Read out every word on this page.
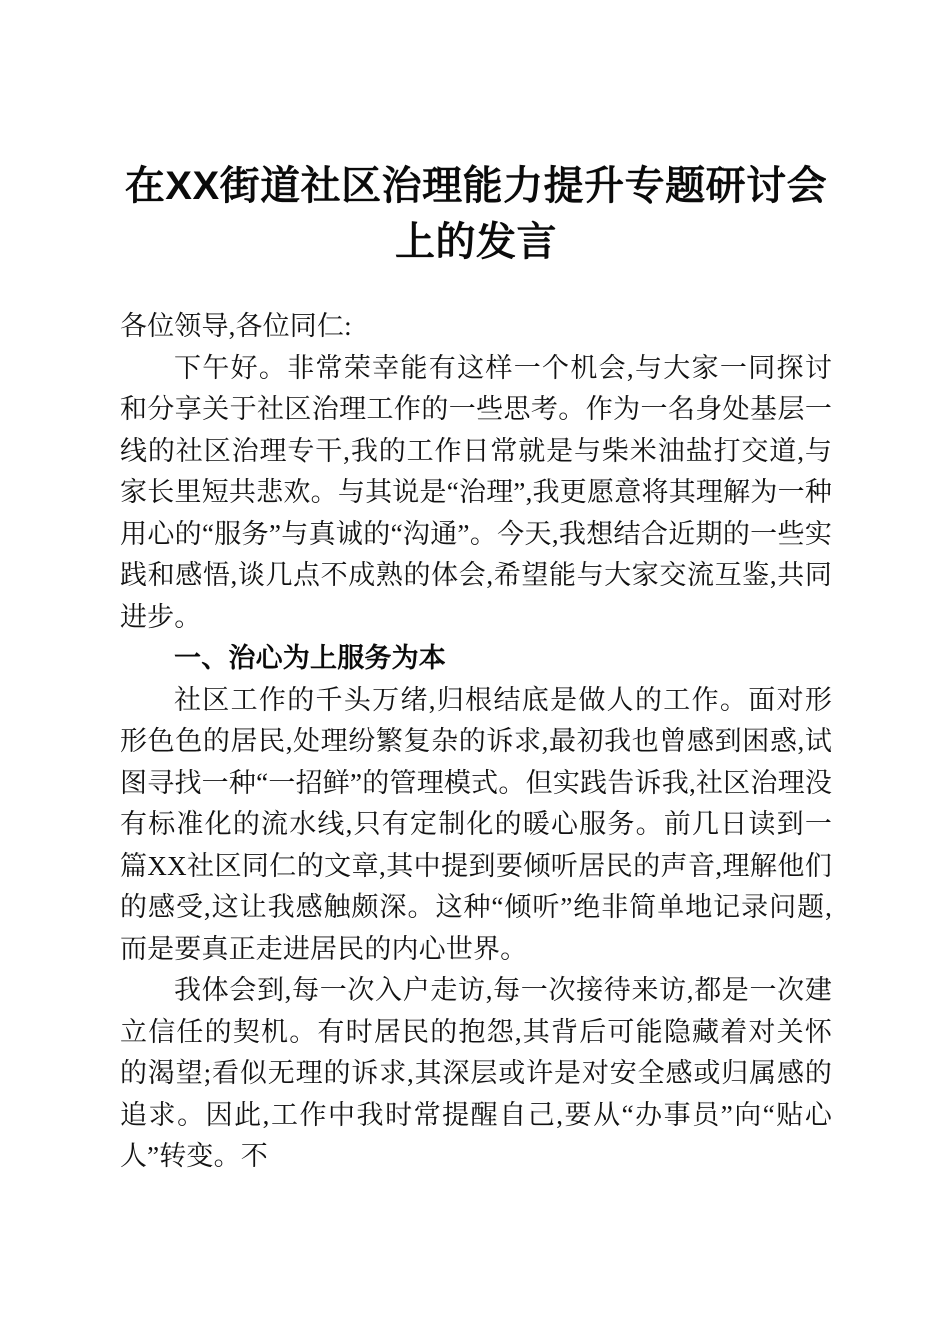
在XX街道社区治理能力提升专题研讨会上的发言

各位领导,各位同仁:

下午好。非常荣幸能有这样一个机会,与大家一同探讨和分享关于社区治理工作的一些思考。作为一名身处基层一线的社区治理专干,我的工作日常就是与柴米油盐打交道,与家长里短共悲欢。与其说是“治理”,我更愿意将其理解为一种用心的“服务”与真诚的“沟通”。今天,我想结合近期的一些实践和感悟,谈几点不成熟的体会,希望能与大家交流互鉴,共同进步。

一、治心为上服务为本

社区工作的千头万绪,归根结底是做人的工作。面对形形色色的居民,处理纷繁复杂的诉求,最初我也曾感到困惑,试图寻找一种“一招鲜”的管理模式。但实践告诉我,社区治理没有标准化的流水线,只有定制化的暖心服务。前几日读到一篇XX社区同仁的文章,其中提到要倾听居民的声音,理解他们的感受,这让我感触颇深。这种“倾听”绝非简单地记录问题,而是要真正走进居民的内心世界。

我体会到,每一次入户走访,每一次接待来访,都是一次建立信任的契机。有时居民的抱怨,其背后可能隐藏着对关怀的渴望;看似无理的诉求,其深层或许是对安全感或归属感的追求。因此,工作中我时常提醒自己,要从“办事员”向“贴心人”转变。不
